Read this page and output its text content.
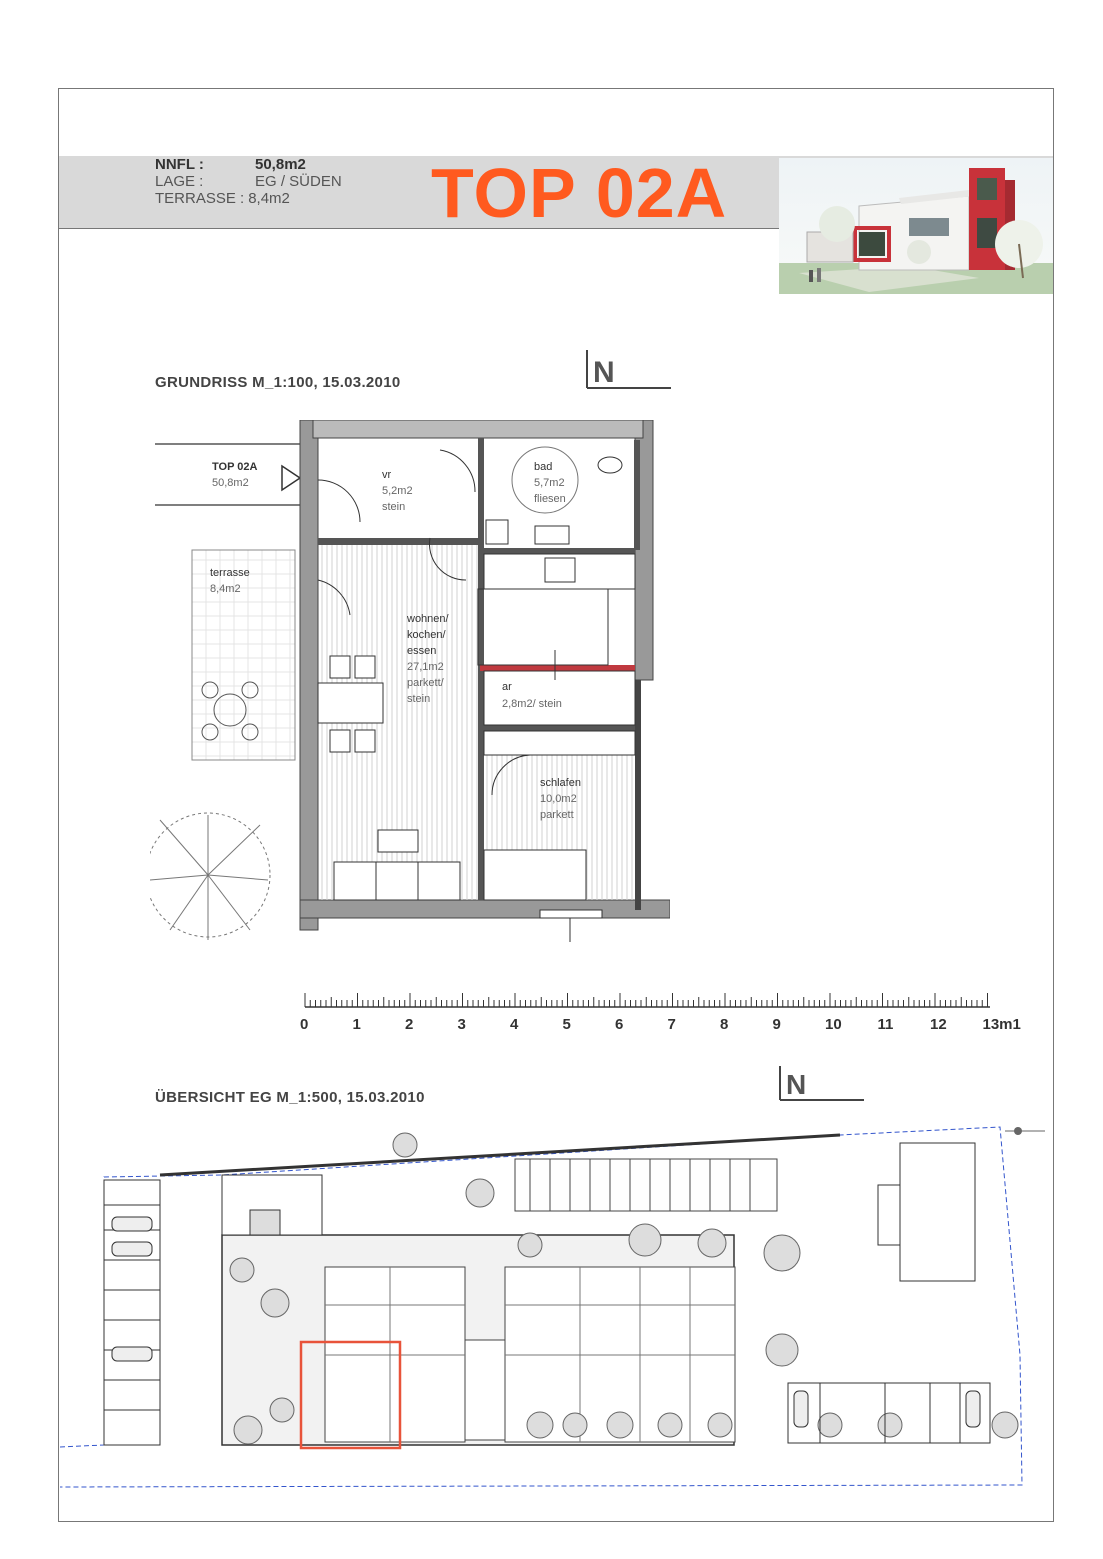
NNFL :	50,8m2
LAGE :	EG / SÜDEN
TERRASSE : 8,4m2 TOP 02A
GRUNDRISS M_1:100, 15.03.2010	N
TOP 02A
50,8m2
vr
5,2m2
stein
bad
5,7m2
fliesen
terrasse
8,4m2
wohnen/
kochen/
essen
27,1m2
parkett/
stein
ar
2,8m2/ stein
schlafen
10,0m2
parkett
0	1	2	3	4	5	6	7	8	9	10 11 12 13m1
ÜBERSICHT EG M_1:500, 15.03.2010	N
